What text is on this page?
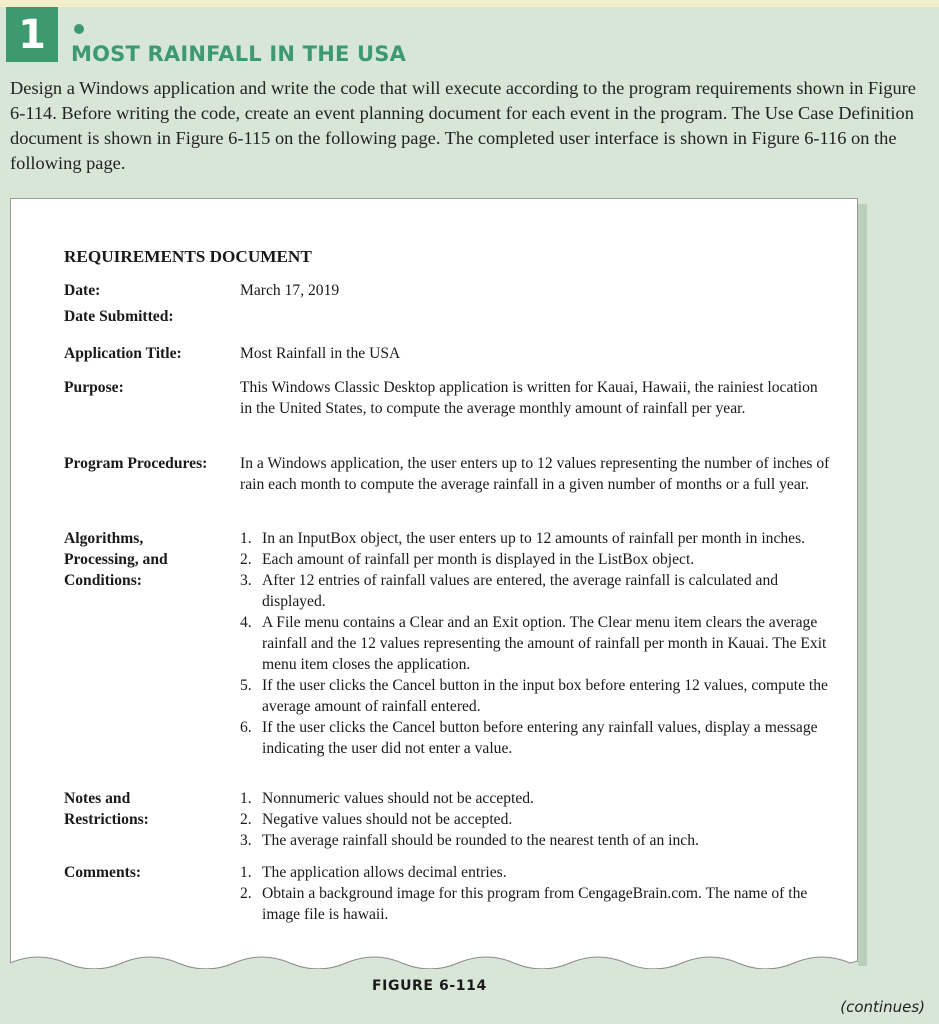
1	MOST RAINFALL IN THE USA
Design a Windows application and write the code that will execute according to the program requirements shown in Figure 6-114. Before writing the code, create an event planning document for each event in the program. The Use Case Definition document is shown in Figure 6-115 on the following page. The completed user interface is shown in Figure 6-116 on the following page.
REQUIREMENTS DOCUMENT
Date:	March 17, 2019
Date Submitted:
Application Title:	Most Rainfall in the USA
Purpose:	This Windows Classic Desktop application is written for Kauai, Hawaii, the rainiest location in the United States, to compute the average monthly amount of rainfall per year.
Program Procedures: In a Windows application, the user enters up to 12 values representing the number of inches of rain each month to compute the average rainfall in a given number of months or a full year.
Algorithms, Processing, and Conditions:
1. In an InputBox object, the user enters up to 12 amounts of rainfall per month in inches.
2. Each amount of rainfall per month is displayed in the ListBox object.
3. After 12 entries of rainfall values are entered, the average rainfall is calculated and displayed.
4. A File menu contains a Clear and an Exit option. The Clear menu item clears the average rainfall and the 12 values representing the amount of rainfall per month in Kauai. The Exit menu item closes the application.
5. If the user clicks the Cancel button in the input box before entering 12 values, compute the average amount of rainfall entered.
6. If the user clicks the Cancel button before entering any rainfall values, display a message indicating the user did not enter a value.
Notes and Restrictions:
1. Nonnumeric values should not be accepted.
2. Negative values should not be accepted.
3. The average rainfall should be rounded to the nearest tenth of an inch.
Comments:	1. The application allows decimal entries.
2. Obtain a background image for this program from CengageBrain.com. The name of the image file is hawaii.
FIGURE 6-114
(continues)
